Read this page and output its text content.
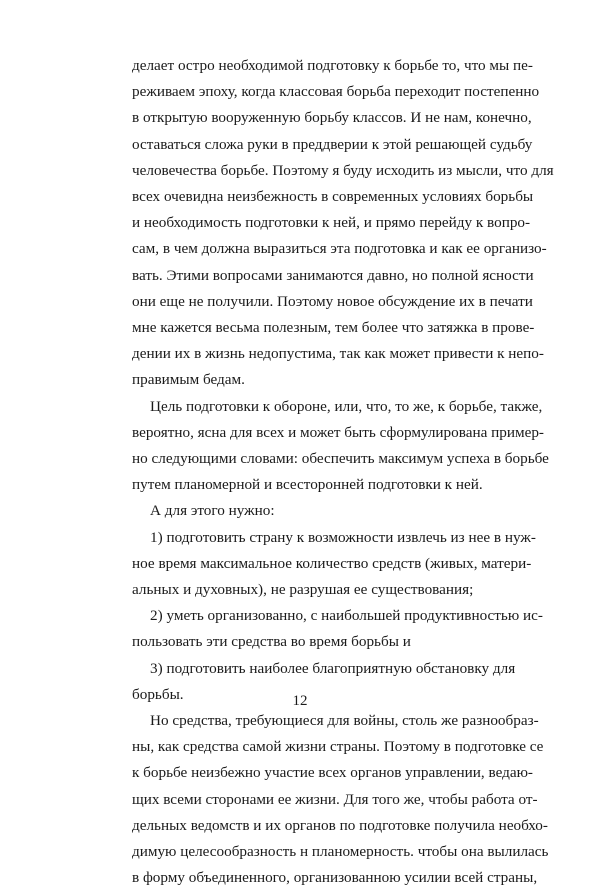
делает остро необходимой подготовку к борьбе то, что мы пе-
реживаем эпоху, когда классовая борьба переходит постепенно
в открытую вооруженную борьбу классов. И не нам, конечно,
оставаться сложа руки в преддверии к этой решающей судьбу
человечества борьбе. Поэтому я буду исходить из мысли, что для
всех очевидна неизбежность в современных условиях борьбы
и необходимость подготовки к ней, и прямо перейду к вопро-
сам, в чем должна выразиться эта подготовка и как ее организо-
вать. Этими вопросами занимаются давно, но полной ясности
они еще не получили. Поэтому новое обсуждение их в печати
мне кажется весьма полезным, тем более что затяжка в прове-
дении их в жизнь недопустима, так как может привести к непо-
правимым бедам.
Цель подготовки к обороне, или, что, то же, к борьбе, также,
вероятно, ясна для всех и может быть сформулирована пример-
но следующими словами: обеспечить максимум успеха в борьбе
путем планомерной и всесторонней подготовки к ней.
А для этого нужно:
1) подготовить страну к возможности извлечь из нее в нуж-
ное время максимальное количество средств (живых, матери-
альных и духовных), не разрушая ее существования;
2) уметь организованно, с наибольшей продуктивностью ис-
пользовать эти средства во время борьбы и
3) подготовить наиболее благоприятную обстановку для
борьбы.
Но средства, требующиеся для войны, столь же разнообраз-
ны, как средства самой жизни страны. Поэтому в подготовке се
к борьбе неизбежно участие всех органов управлении, ведаю-
щих всеми сторонами ее жизни. Для того же, чтобы работа от-
дельных ведомств и их органов по подготовке получила необхо-
димую целесообразность н планомерность. чтобы она вылилась
в форму объединенного, организованною усилии всей страны,
12
